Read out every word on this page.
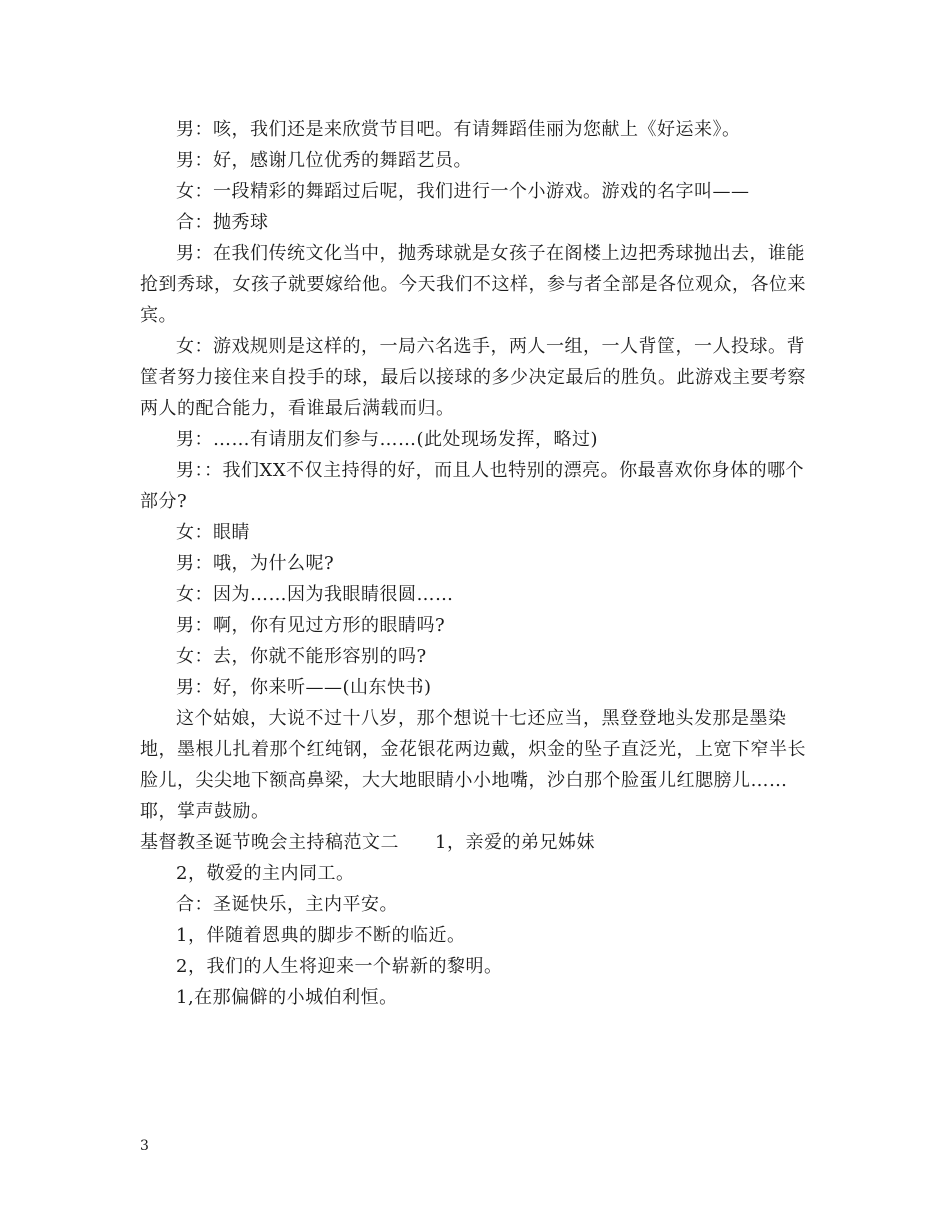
男：咳，我们还是来欣赏节目吧。有请舞蹈佳丽为您献上《好运来》。

男：好，感谢几位优秀的舞蹈艺员。

女：一段精彩的舞蹈过后呢，我们进行一个小游戏。游戏的名字叫——

合：抛秀球

男：在我们传统文化当中，抛秀球就是女孩子在阁楼上边把秀球抛出去，谁能抢到秀球，女孩子就要嫁给他。今天我们不这样，参与者全部是各位观众，各位来宾。

女：游戏规则是这样的，一局六名选手，两人一组，一人背筐，一人投球。背筐者努力接住来自投手的球，最后以接球的多少决定最后的胜负。此游戏主要考察两人的配合能力，看谁最后满载而归。

男：……有请朋友们参与……(此处现场发挥，略过)

男：：我们XX不仅主持得的好，而且人也特别的漂亮。你最喜欢你身体的哪个部分?

女：眼睛

男：哦，为什么呢?

女：因为……因为我眼睛很圆……

男：啊，你有见过方形的眼睛吗?

女：去，你就不能形容别的吗?

男：好，你来听——(山东快书)

这个姑娘，大说不过十八岁，那个想说十七还应当，黑登登地头发那是墨染地，墨根儿扎着那个红纯钢，金花银花两边戴，炽金的坠子直泛光，上宽下窄半长脸儿，尖尖地下额高鼻梁，大大地眼睛小小地嘴，沙白那个脸蛋儿红腮膀儿……耶，掌声鼓励。

基督教圣诞节晚会主持稿范文二 1，亲爱的弟兄姊妹

2，敬爱的主内同工。

合：圣诞快乐，主内平安。

1，伴随着恩典的脚步不断的临近。

2，我们的人生将迎来一个崭新的黎明。

1,在那偏僻的小城伯利恒。

3
